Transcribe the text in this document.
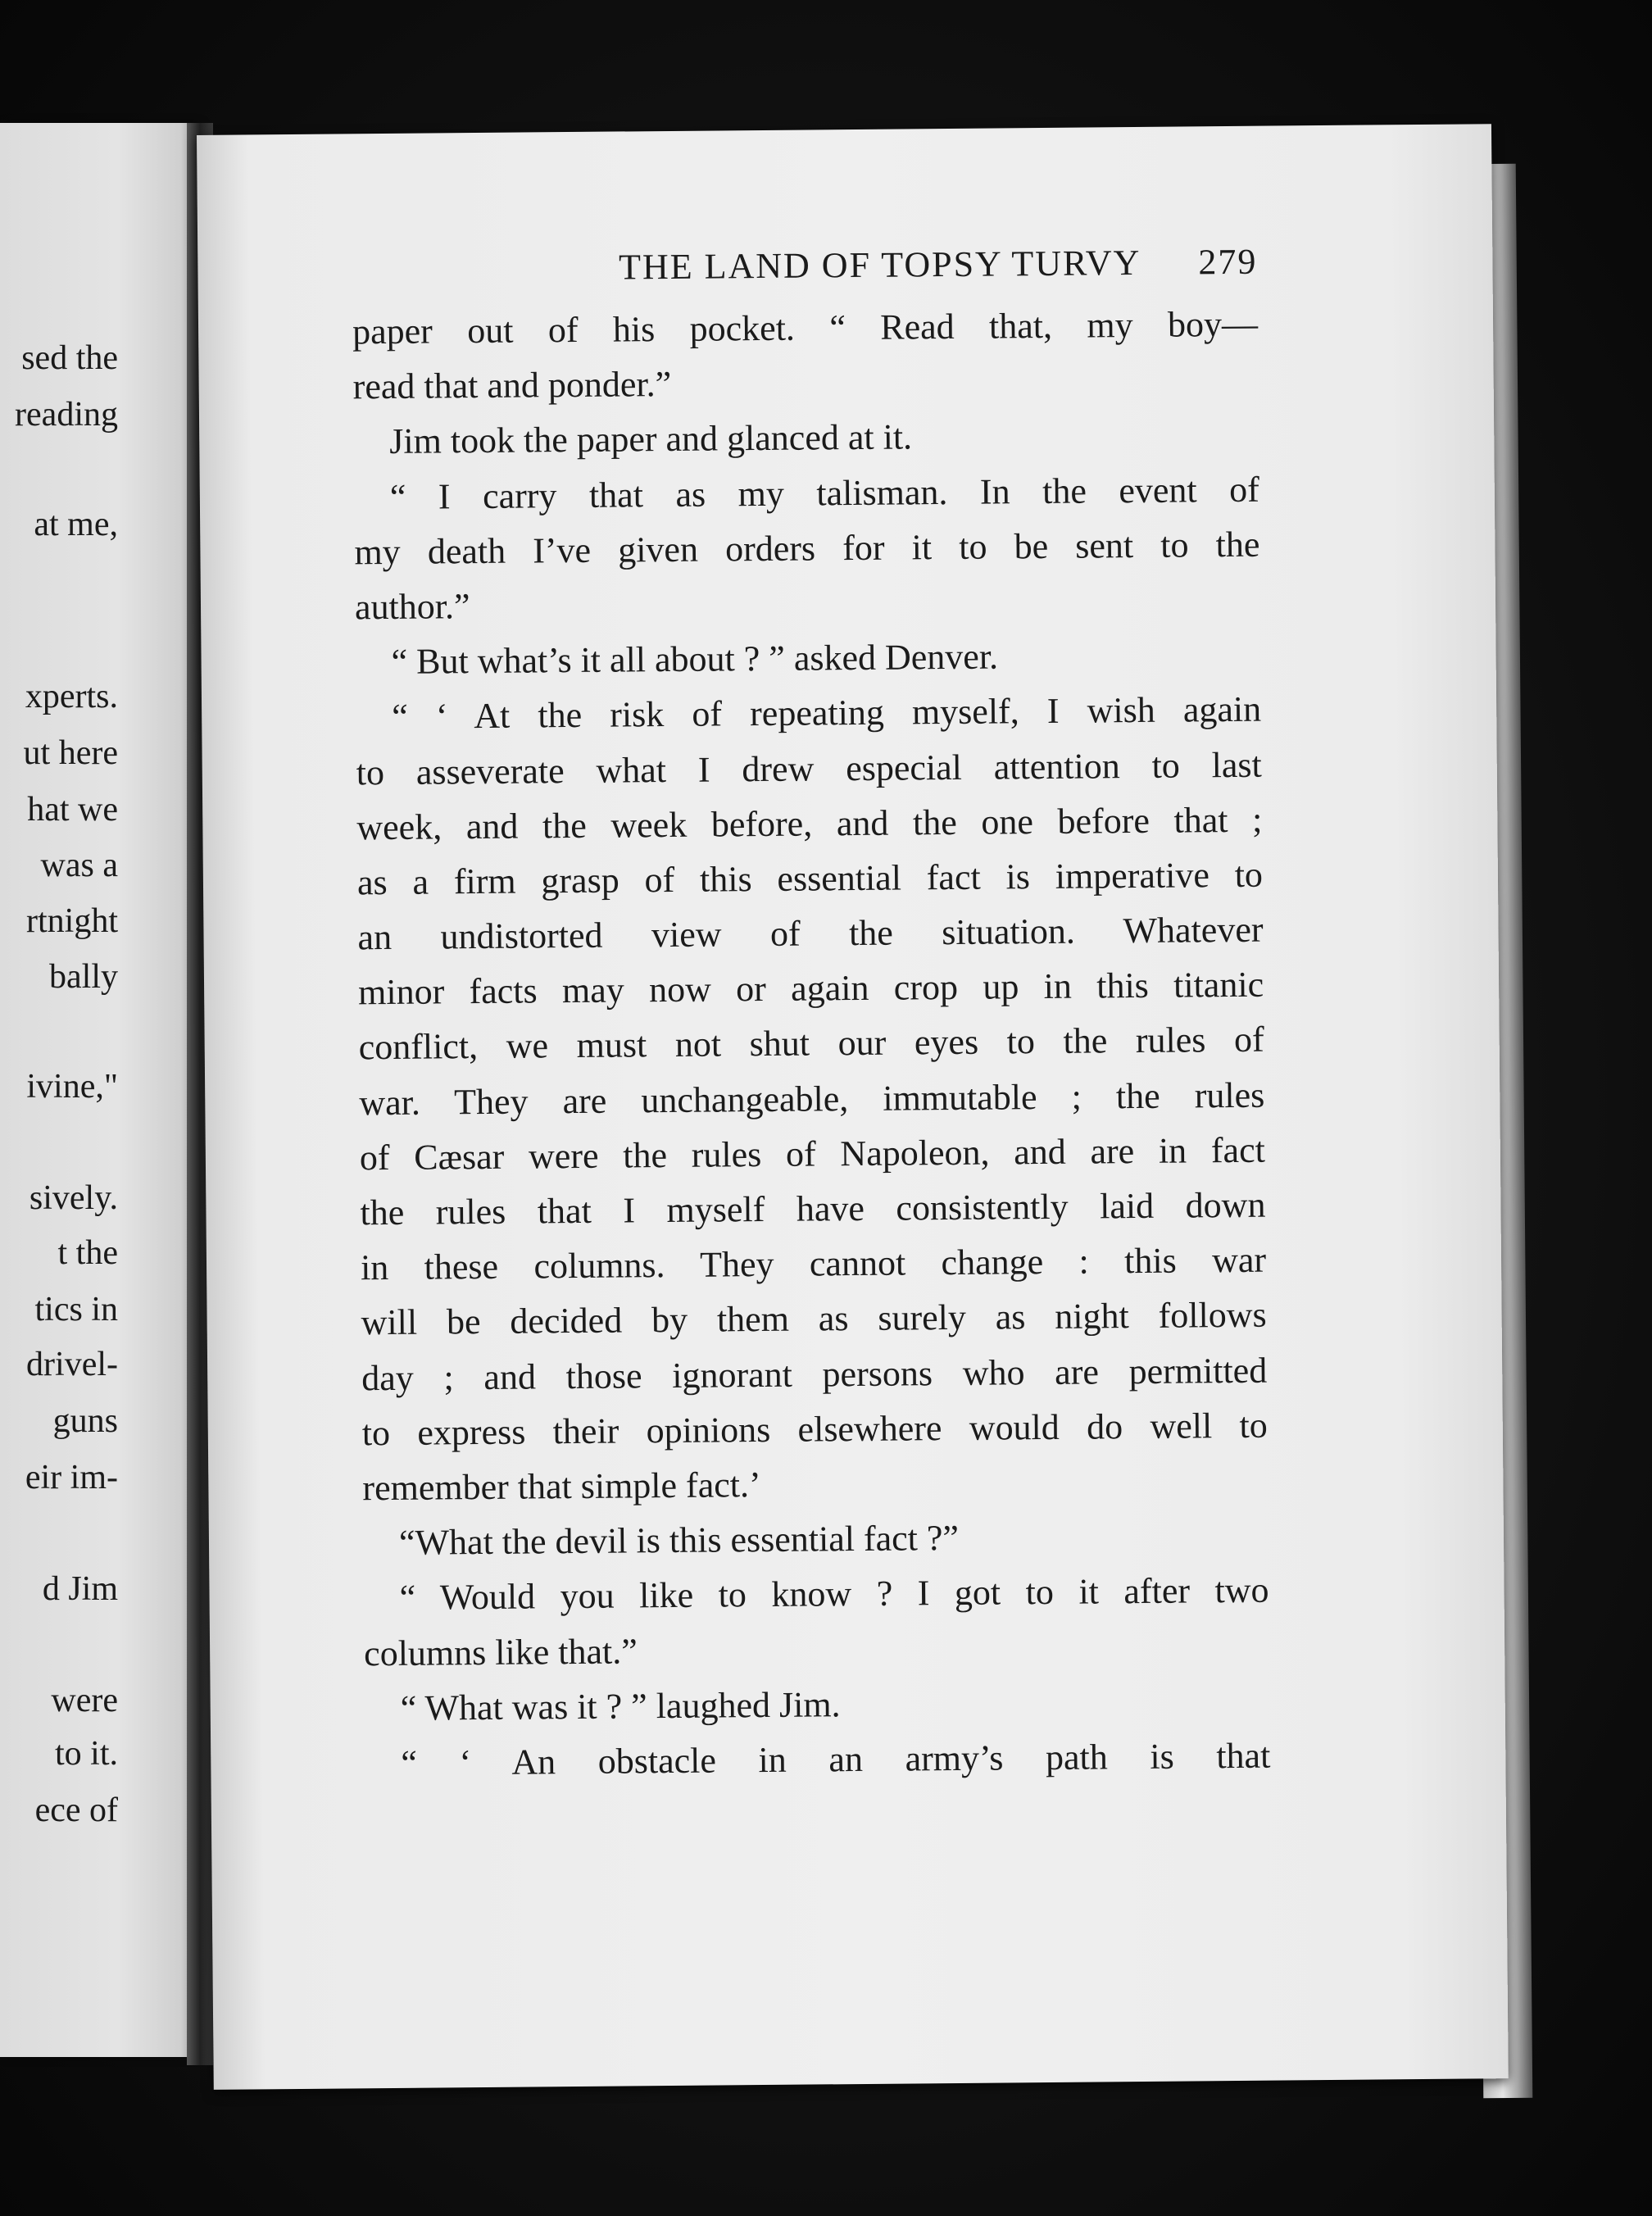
sed the
reading
at me,
xperts.
ut here
hat we
was a
rtnight
bally
ivine,"
sively.
t the
tics in
drivel-
guns
eir im-
d Jim
were
to it.
ece of
THE LAND OF TOPSY TURVY 279
paper out of his pocket. “ Read that, my boy—
read that and ponder.”
Jim took the paper and glanced at it.
“ I carry that as my talisman. In the event of
my death I’ve given orders for it to be sent to the
author.”
“ But what’s it all about ? ” asked Denver.
“ ‘ At the risk of repeating myself, I wish again
to asseverate what I drew especial attention to last
week, and the week before, and the one before that ;
as a firm grasp of this essential fact is imperative to
an undistorted view of the situation. Whatever
minor facts may now or again crop up in this titanic
conflict, we must not shut our eyes to the rules of
war. They are unchangeable, immutable ; the rules
of Cæsar were the rules of Napoleon, and are in fact
the rules that I myself have consistently laid down
in these columns. They cannot change : this war
will be decided by them as surely as night follows
day ; and those ignorant persons who are permitted
to express their opinions elsewhere would do well to
remember that simple fact.’
“What the devil is this essential fact ?”
“ Would you like to know ? I got to it after two
columns like that.”
“ What was it ? ” laughed Jim.
“ ‘ An obstacle in an army’s path is that
